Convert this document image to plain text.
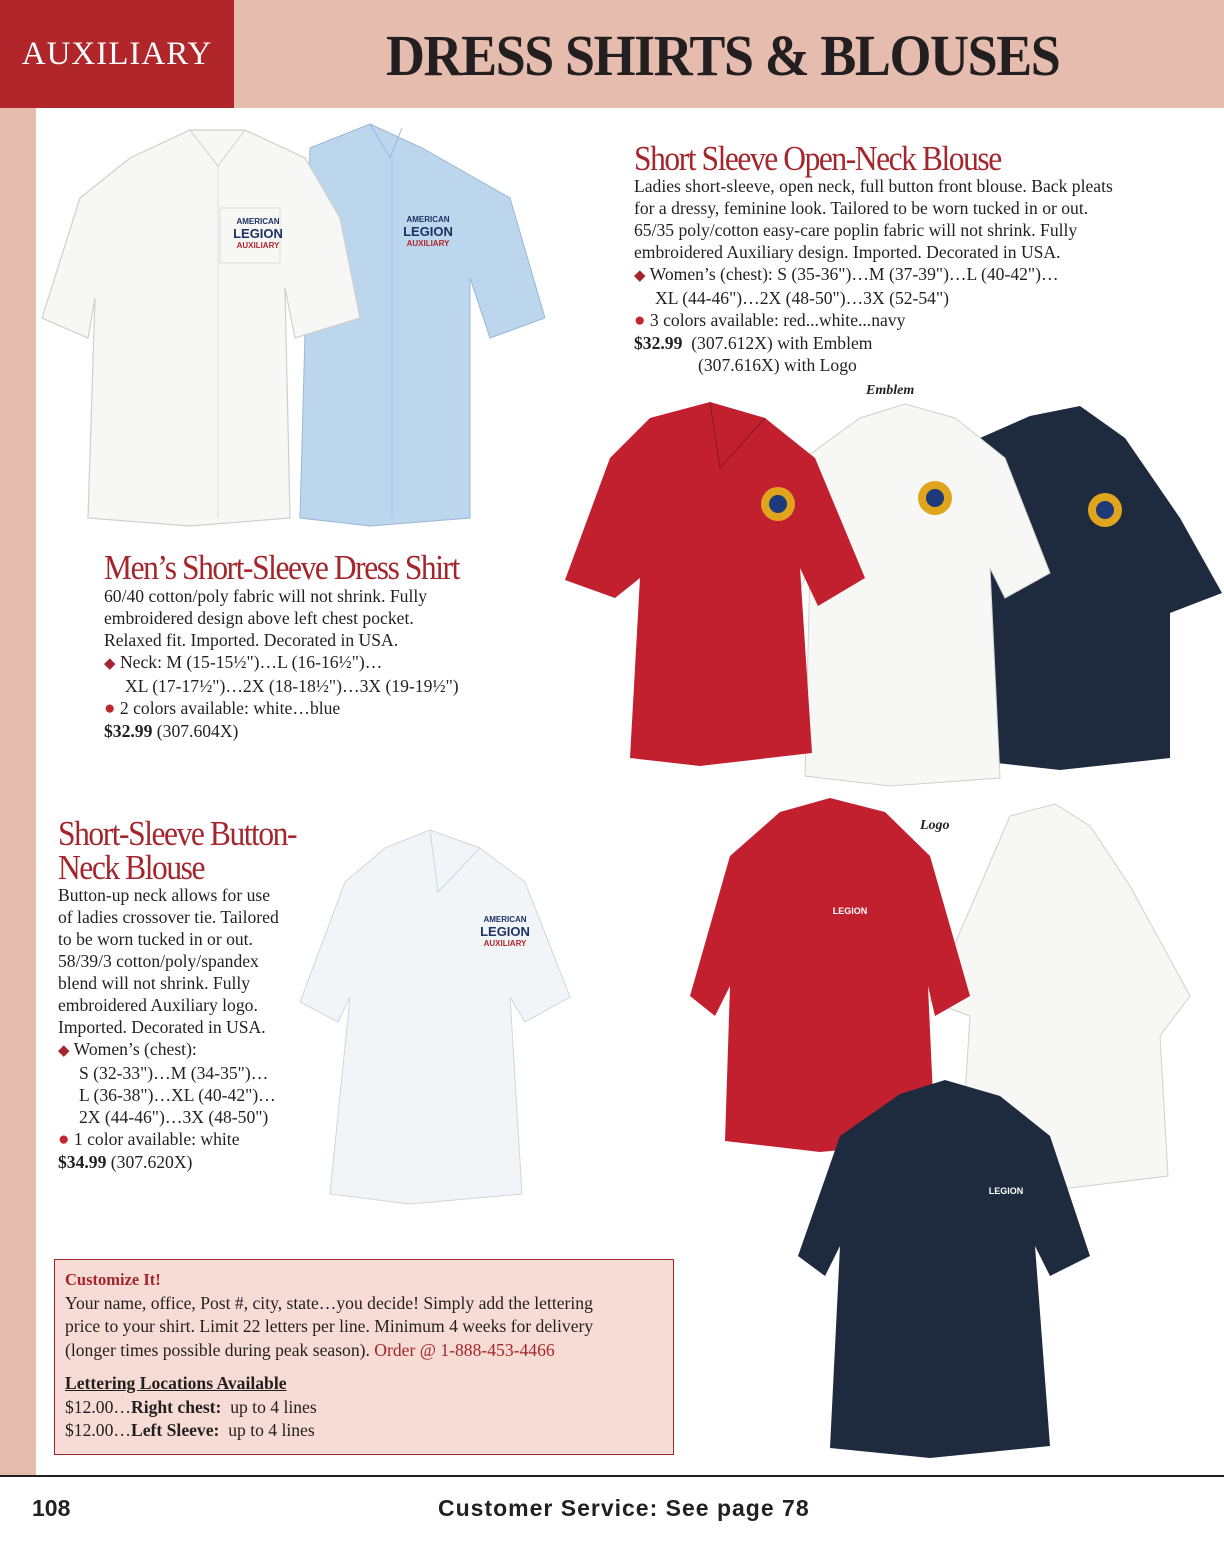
AUXILIARY	DRESS SHIRTS & BLOUSES
AMERICAN
LEGION
AUXILIARY
AMERICAN
LEGION
AUXILIARY
Emblem
LEGION
LEGION
Logo
AMERICAN
LEGION
AUXILIARY
Short Sleeve Open-Neck Blouse
Ladies short-sleeve, open neck, full button front blouse. Back pleats
for a dressy, feminine look. Tailored to be worn tucked in or out.
65/35 poly/cotton easy-care poplin fabric will not shrink. Fully
embroidered Auxiliary design. Imported. Decorated in USA.
◆ Women’s (chest): S (35-36")…M (37-39")…L (40-42")…
XL (44-46")…2X (48-50")…3X (52-54")
● 3 colors available: red...white...navy
$32.99 (307.612X) with Emblem
(307.616X) with Logo
Men’s Short-Sleeve Dress Shirt
60/40 cotton/poly fabric will not shrink. Fully
embroidered design above left chest pocket.
Relaxed fit. Imported. Decorated in USA.
◆ Neck: M (15-15½")…L (16-16½")…
XL (17-17½")…2X (18-18½")…3X (19-19½")
● 2 colors available: white…blue
$32.99 (307.604X)
Short-Sleeve Button-
Neck Blouse
Button-up neck allows for use
of ladies crossover tie. Tailored
to be worn tucked in or out.
58/39/3 cotton/poly/spandex
blend will not shrink. Fully
embroidered Auxiliary logo.
Imported. Decorated in USA.
◆ Women’s (chest):
S (32-33")…M (34-35")…
L (36-38")…XL (40-42")…
2X (44-46")…3X (48-50")
● 1 color available: white
$34.99 (307.620X)
Customize It!
Your name, office, Post #, city, state…you decide! Simply add the lettering
price to your shirt. Limit 22 letters per line. Minimum 4 weeks for delivery
(longer times possible during peak season). Order @ 1-888-453-4466
Lettering Locations Available
$12.00…Right chest:  up to 4 lines
$12.00…Left Sleeve:  up to 4 lines
108	Customer Service: See page 78
